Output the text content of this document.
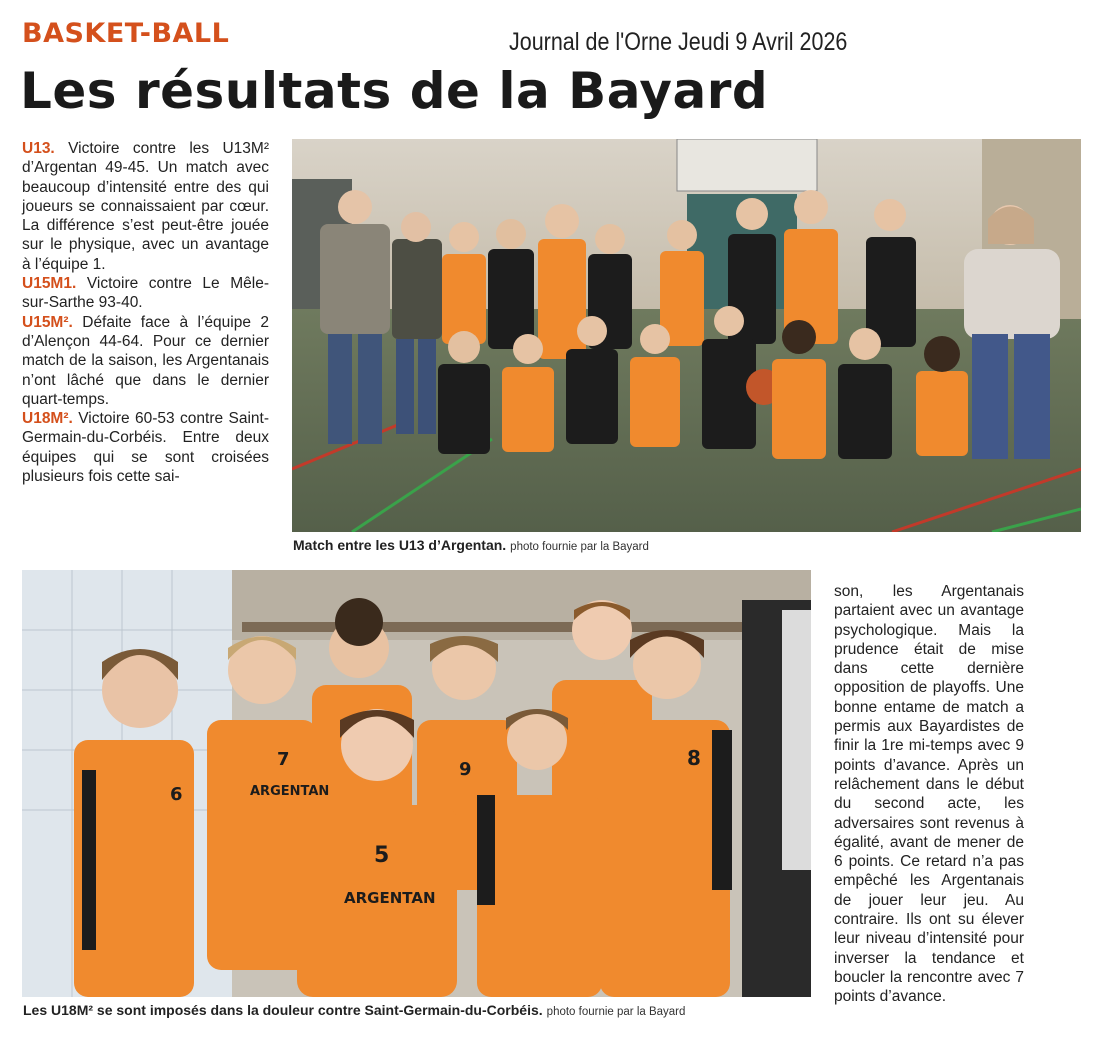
BASKET-BALL	Journal de l'Orne Jeudi 9 Avril 2026
Les résultats de la Bayard

U13. Victoire contre les U13M² d’Argentan 49-45. Un match avec beaucoup d’intensité entre des qui joueurs se connaissaient par cœur. La différence s’est peut-être jouée sur le physique, avec un avantage à l’équipe 1.

U15M1. Victoire contre Le Mêle-sur-Sarthe 93-40.

U15M². Défaite face à l’équipe 2 d’Alençon 44-64. Pour ce dernier match de la saison, les Argentanais n’ont lâché que dans le dernier quart-temps.

U18M². Victoire 60-53 contre Saint-Germain-du-Corbéis. Entre deux équipes qui se sont croisées plusieurs fois cette sai-

Match entre les U13 d’Argentan. photo fournie par la Bayard
6
7	9	8
5
ARGENTAN
ARGENTAN
Les U18M² se sont imposés dans la douleur contre Saint-Germain-du-Corbéis. photo fournie par la Bayard

son, les Argentanais partaient avec un avantage psychologique. Mais la prudence était de mise dans cette dernière opposition de playoffs. Une bonne entame de match a permis aux Bayardistes de finir la 1re mi-temps avec 9 points d’avance. Après un relâchement dans le début du second acte, les adversaires sont revenus à égalité, avant de mener de 6 points. Ce retard n’a pas empêché les Argentanais de jouer leur jeu. Au contraire. Ils ont su élever leur niveau d’intensité pour inverser la tendance et boucler la rencontre avec 7 points d’avance.
